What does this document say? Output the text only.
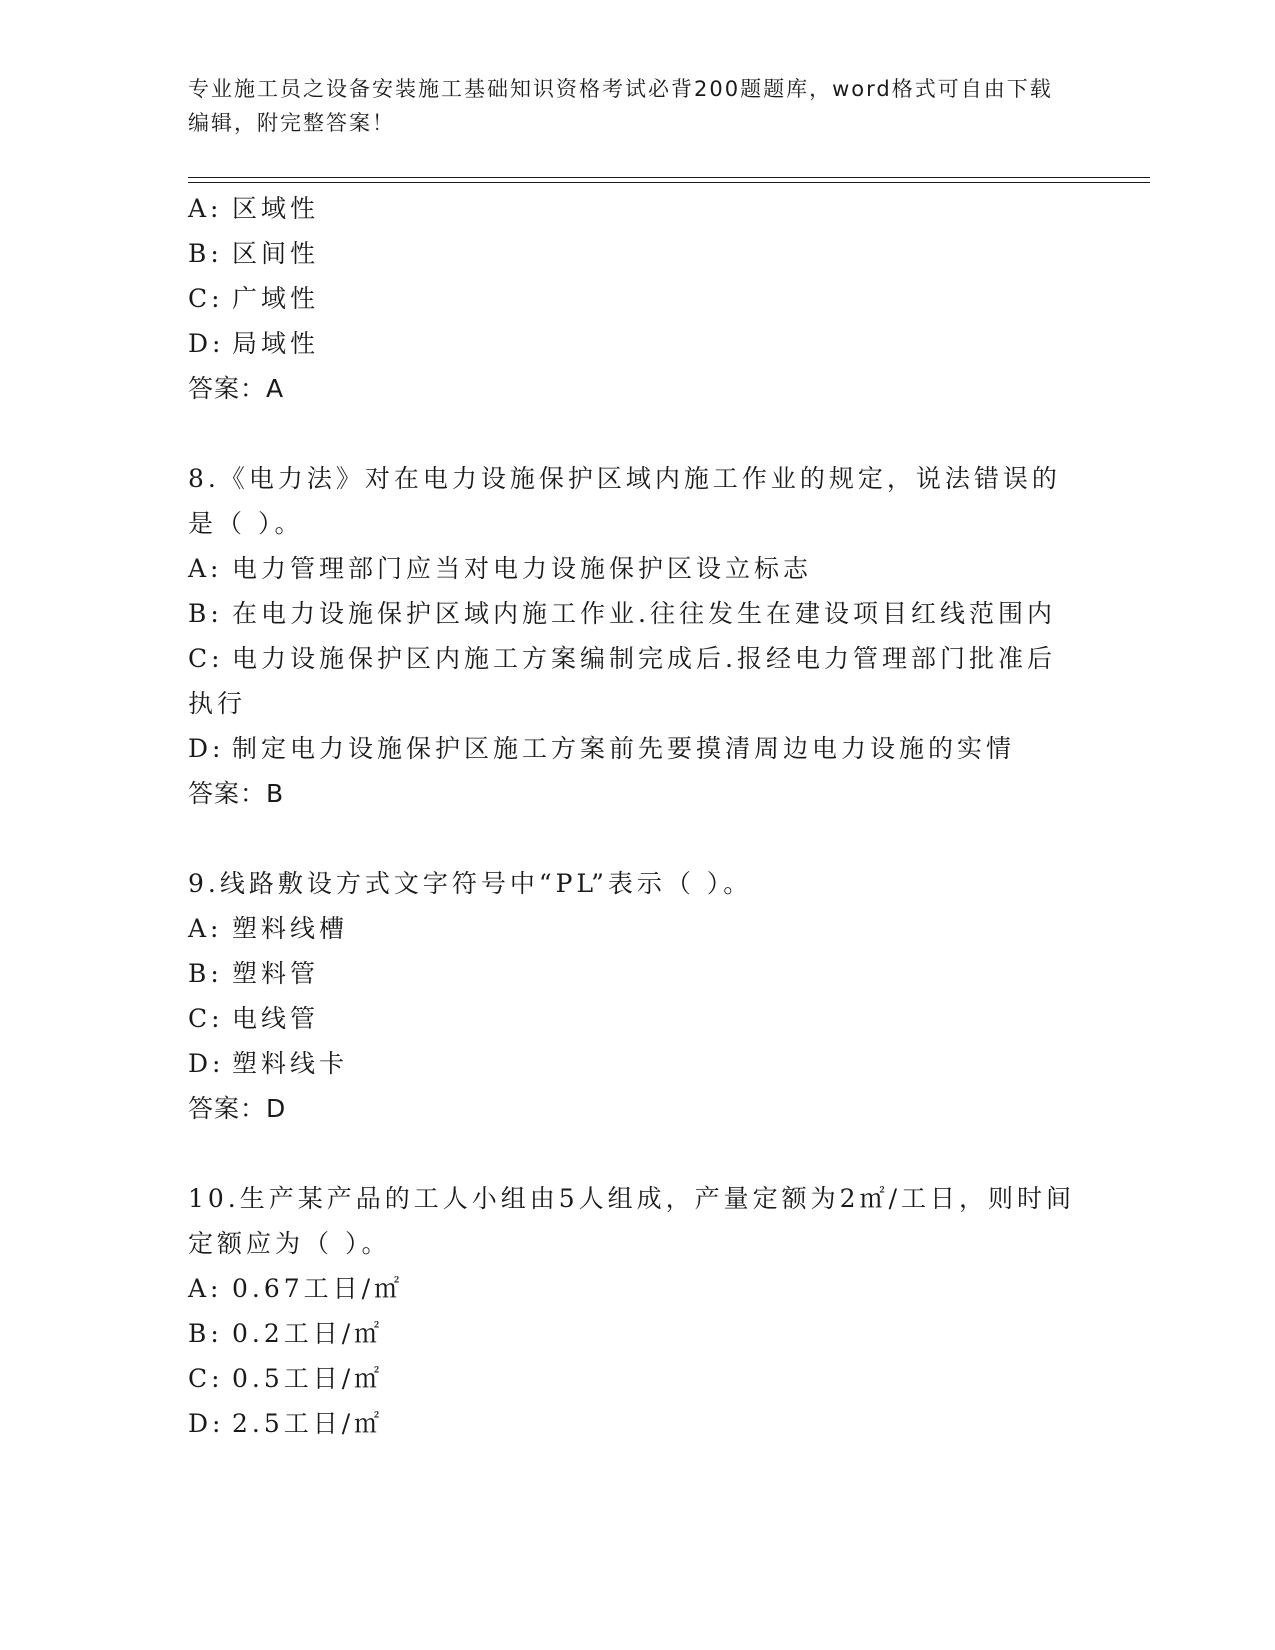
专业施工员之设备安装施工基础知识资格考试必背200题题库，word格式可自由下载编辑，附完整答案！
A: 区域性
B: 区间性
C: 广域性
D: 局域性
答案：A
8.《电力法》对在电力设施保护区域内施工作业的规定，说法错误的
是（ ）。
A: 电力管理部门应当对电力设施保护区设立标志
B: 在电力设施保护区域内施工作业.往往发生在建设项目红线范围内
C: 电力设施保护区内施工方案编制完成后.报经电力管理部门批准后
执行
D: 制定电力设施保护区施工方案前先要摸清周边电力设施的实情
答案：B
9.线路敷设方式文字符号中“PL”表示（ ）。
A: 塑料线槽
B: 塑料管
C: 电线管
D: 塑料线卡
答案：D
10.生产某产品的工人小组由5人组成，产量定额为2㎡/工日，则时间
定额应为（ ）。
A: 0.67工日/㎡
B: 0.2工日/㎡
C: 0.5工日/㎡
D: 2.5工日/㎡
